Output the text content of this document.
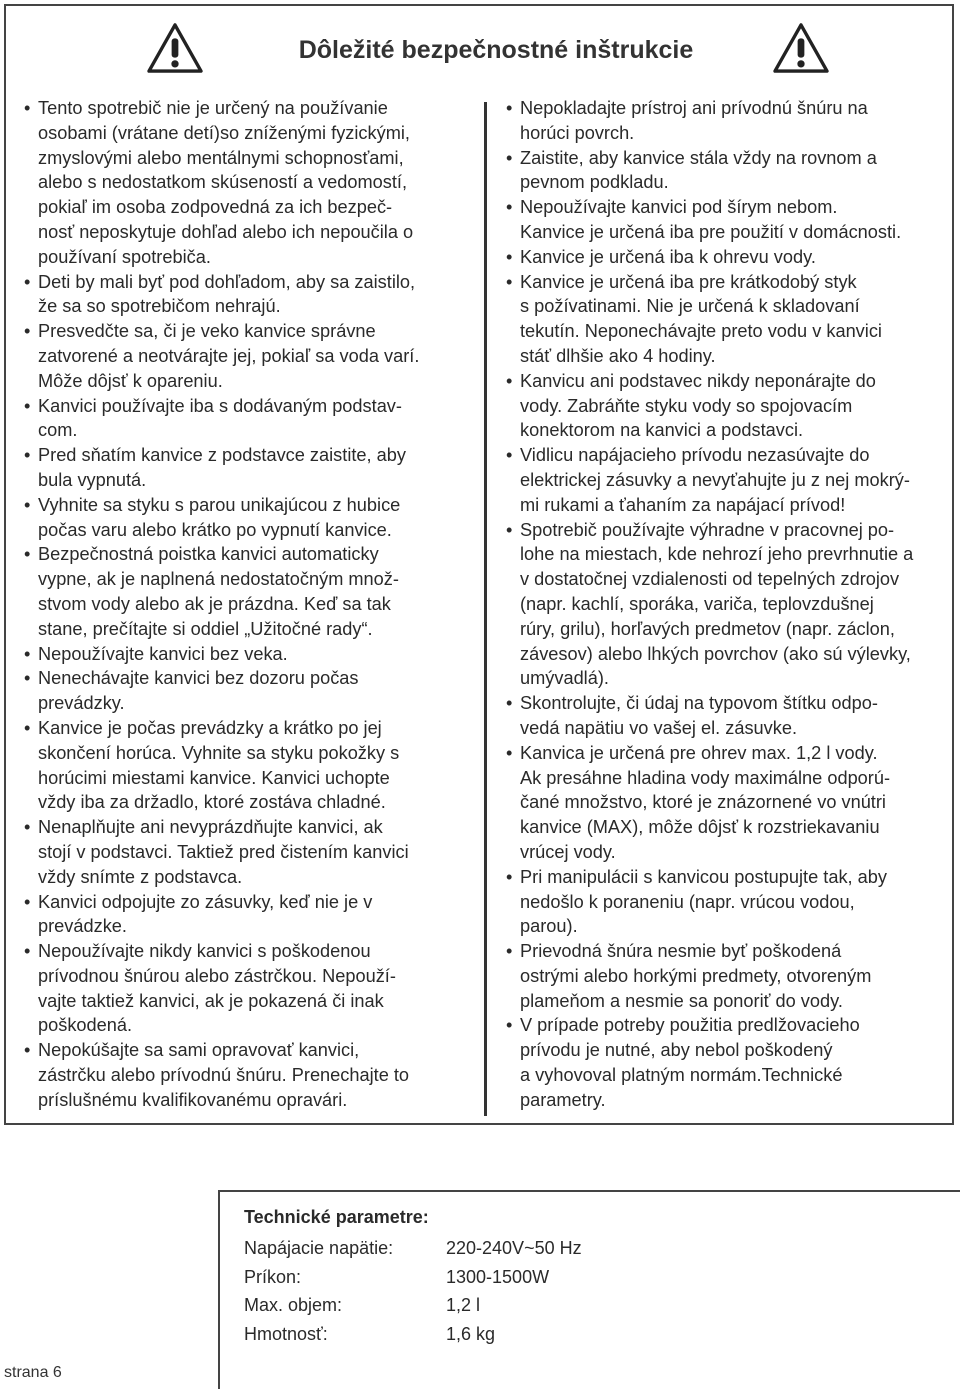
Dôležité bezpečnostné inštrukcie
• Tento spotrebič nie je určený na používanie
osobami (vrátane detí)so zníženými fyzickými,
zmyslovými alebo mentálnymi schopnosťami,
alebo s nedostatkom skúseností a vedomostí,
pokiaľ im osoba zodpovedná za ich bezpeč-
nosť neposkytuje dohľad alebo ich nepoučila o
používaní spotrebiča.
• Deti by mali byť pod dohľadom, aby sa zaistilo,
že sa so spotrebičom nehrajú.
• Presvedčte sa, či je veko kanvice správne
zatvorené a neotvárajte jej, pokiaľ sa voda varí.
Môže dôjsť k opareniu.
• Kanvici používajte iba s dodávaným podstav-
com.
• Pred sňatím kanvice z podstavce zaistite, aby
bula vypnutá.
• Vyhnite sa styku s parou unikajúcou z hubice
počas varu alebo krátko po vypnutí kanvice.
• Bezpečnostná poistka kanvici automaticky
vypne, ak je naplnená nedostatočným množ-
stvom vody alebo ak je prázdna. Keď sa tak
stane, prečítajte si oddiel „Užitočné rady“.
• Nepoužívajte kanvici bez veka.
• Nenechávajte kanvici bez dozoru počas
prevádzky.
• Kanvice je počas prevádzky a krátko po jej
skončení horúca. Vyhnite sa styku pokožky s
horúcimi miestami kanvice. Kanvici uchopte
vždy iba za držadlo, ktoré zostáva chladné.
• Nenaplňujte ani nevyprázdňujte kanvici, ak
stojí v podstavci. Taktiež pred čistením kanvici
vždy snímte z podstavca.
• Kanvici odpojujte zo zásuvky, keď nie je v
prevádzke.
• Nepoužívajte nikdy kanvici s poškodenou
prívodnou šnúrou alebo zástrčkou. Nepouží-
vajte taktiež kanvici, ak je pokazená či inak
poškodená.
• Nepokúšajte sa sami opravovať kanvici,
zástrčku alebo prívodnú šnúru. Prenechajte to
príslušnému kvalifikovanému opravári.
• Nepokladajte prístroj ani prívodnú šnúru na
horúci povrch.
• Zaistite, aby kanvice stála vždy na rovnom a
pevnom podkladu.
• Nepoužívajte kanvici pod šírym nebom.
Kanvice je určená iba pre použití v domácnosti.
• Kanvice je určená iba k ohrevu vody.
• Kanvice je určená iba pre krátkodobý styk
s požívatinami. Nie je určená k skladovaní
tekutín. Neponechávajte preto vodu v kanvici
stáť dlhšie ako 4 hodiny.
• Kanvicu ani podstavec nikdy neponárajte do
vody. Zabráňte styku vody so spojovacím
konektorom na kanvici a podstavci.
• Vidlicu napájacieho prívodu nezasúvajte do
elektrickej zásuvky a nevyťahujte ju z nej mokrý-
mi rukami a ťahaním za napájací prívod!
• Spotrebič používajte výhradne v pracovnej po-
lohe na miestach, kde nehrozí jeho prevrhnutie a
v dostatočnej vzdialenosti od tepelných zdrojov
(napr. kachlí, sporáka, variča, teplovzdušnej
rúry, grilu), horľavých predmetov (napr. záclon,
závesov) alebo lhkých povrchov (ako sú výlevky,
umývadlá).
• Skontrolujte, či údaj na typovom štítku odpo-
vedá napätiu vo vašej el. zásuvke.
• Kanvica je určená pre ohrev max. 1,2 l vody.
Ak presáhne hladina vody maximálne odporú-
čané množstvo, ktoré je znázornené vo vnútri
kanvice (MAX), môže dôjsť k rozstriekavaniu
vrúcej vody.
• Pri manipulácii s kanvicou postupujte tak, aby
nedošlo k poraneniu (napr. vrúcou vodou,
parou).
• Prievodná šnúra nesmie byť poškodená
ostrými alebo horkými predmety, otvoreným
plameňom a nesmie sa ponoriť do vody.
• V prípade potreby použitia predlžovacieho
prívodu je nutné, aby nebol poškodený
a vyhovoval platným normám.Technické
parametry.
Technické parametre:
Napájacie napätie:	220-240V~50 Hz
Príkon:	1300-1500W
Max. objem:	1,2 l
Hmotnosť:	1,6 kg
strana 6
